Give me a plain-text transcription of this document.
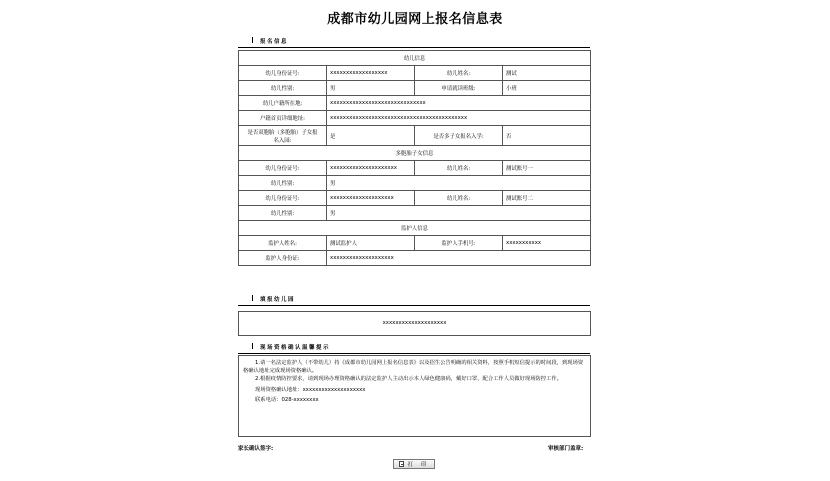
成都市幼儿园网上报名信息表
报名信息
幼儿信息			
幼儿身份证号:	xxxxxxxxxxxxxxxxxx	幼儿姓名:	测试
幼儿性别:	男	申请就读班级:	小班
幼儿户籍所在地:	xxxxxxxxxxxxxxxxxxxxxxxxxxxxxx		
户籍首页详细地址:	xxxxxxxxxxxxxxxxxxxxxxxxxxxxxxxxxxxxxxxxxxx		
是否双胞胎（多胞胎）子女报
名入园:	是	是否多子女报名入学:	否
多胞胎子女信息			
幼儿身份证号:	xxxxxxxxxxxxxxxxxxxxx	幼儿姓名:	测试账号一
幼儿性别:	男		
幼儿身份证号:	xxxxxxxxxxxxxxxxxxxx	幼儿姓名:	测试账号二
幼儿性别:	男		
监护人信息			
监护人姓名:	测试监护人	监护人手机号:	xxxxxxxxxxx
监护人身份证:	xxxxxxxxxxxxxxxxxxxx		
填报幼儿园
xxxxxxxxxxxxxxxxxxxx
现场资格确认温馨提示

1.请一名法定监护人（不带幼儿）持《成都市幼儿园网上报名信息表》以及招生公告明确的相关资料，按照手机短信提示的时间段，到现场资格确认地址完成现场资格确认。

2.根据疫情防控要求，请到现场办理资格确认的法定监护人主动出示本人绿色健康码，戴好口罩，配合工作人员做好现场防控工作。

现场资格确认地址：xxxxxxxxxxxxxxxxxxxx
联系电话：028-xxxxxxxx
家长确认签字:	审核部门盖章:
打 印
